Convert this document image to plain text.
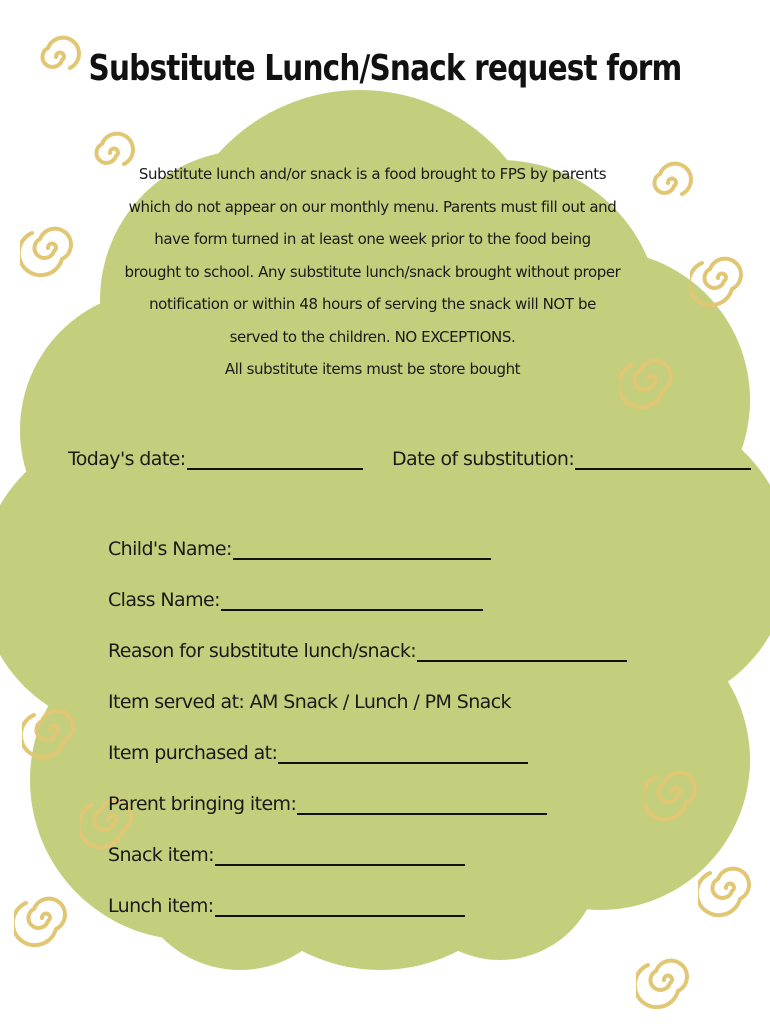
Substitute Lunch/Snack request form
Substitute lunch and/or snack is a food brought to FPS by parents
which do not appear on our monthly menu. Parents must fill out and
have form turned in at least one week prior to the food being
brought to school. Any substitute lunch/snack brought without proper
notification or within 48 hours of serving the snack will NOT be
served to the children. NO EXCEPTIONS.
All substitute items must be store bought
Today's date:	Date of substitution:
Child's Name:
Class Name:
Reason for substitute lunch/snack:
Item served at: AM Snack / Lunch / PM Snack
Item purchased at:
Parent bringing item:
Snack item:
Lunch item:
